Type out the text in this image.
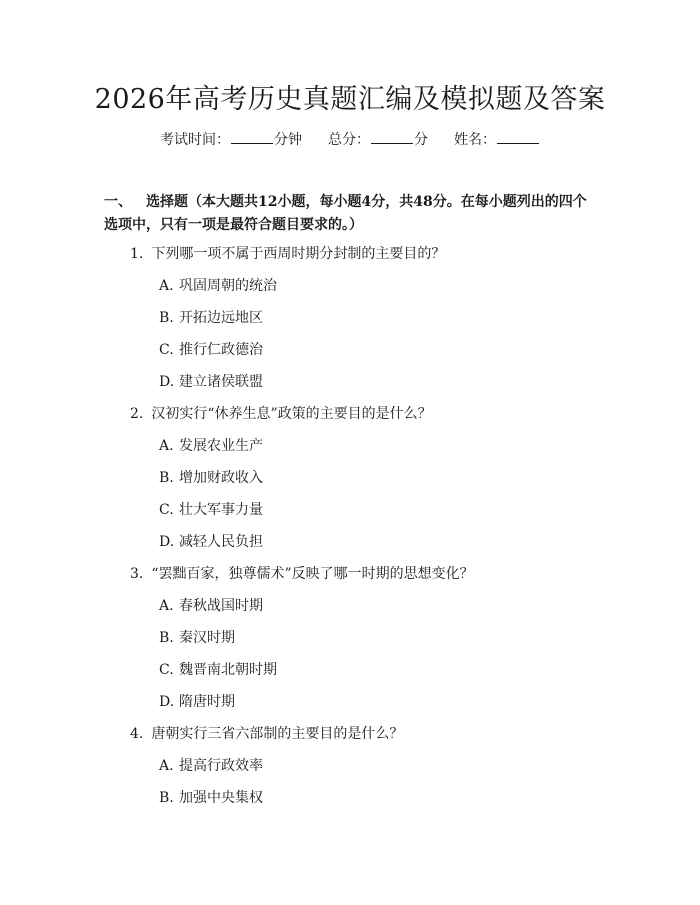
2026年高考历史真题汇编及模拟题及答案
考试时间：	分钟 总分：	分 姓名：
一、 选择题（本大题共12小题，每小题4分，共48分。在每小题列出的四个选项中，只有一项是最符合题目要求的。）
1. 下列哪一项不属于西周时期分封制的主要目的？
A. 巩固周朝的统治
B. 开拓边远地区
C. 推行仁政德治
D. 建立诸侯联盟
2. 汉初实行“休养生息”政策的主要目的是什么？
A. 发展农业生产
B. 增加财政收入
C. 壮大军事力量
D. 减轻人民负担
3. “罢黜百家，独尊儒术”反映了哪一时期的思想变化？
A. 春秋战国时期
B. 秦汉时期
C. 魏晋南北朝时期
D. 隋唐时期
4. 唐朝实行三省六部制的主要目的是什么？
A. 提高行政效率
B. 加强中央集权
